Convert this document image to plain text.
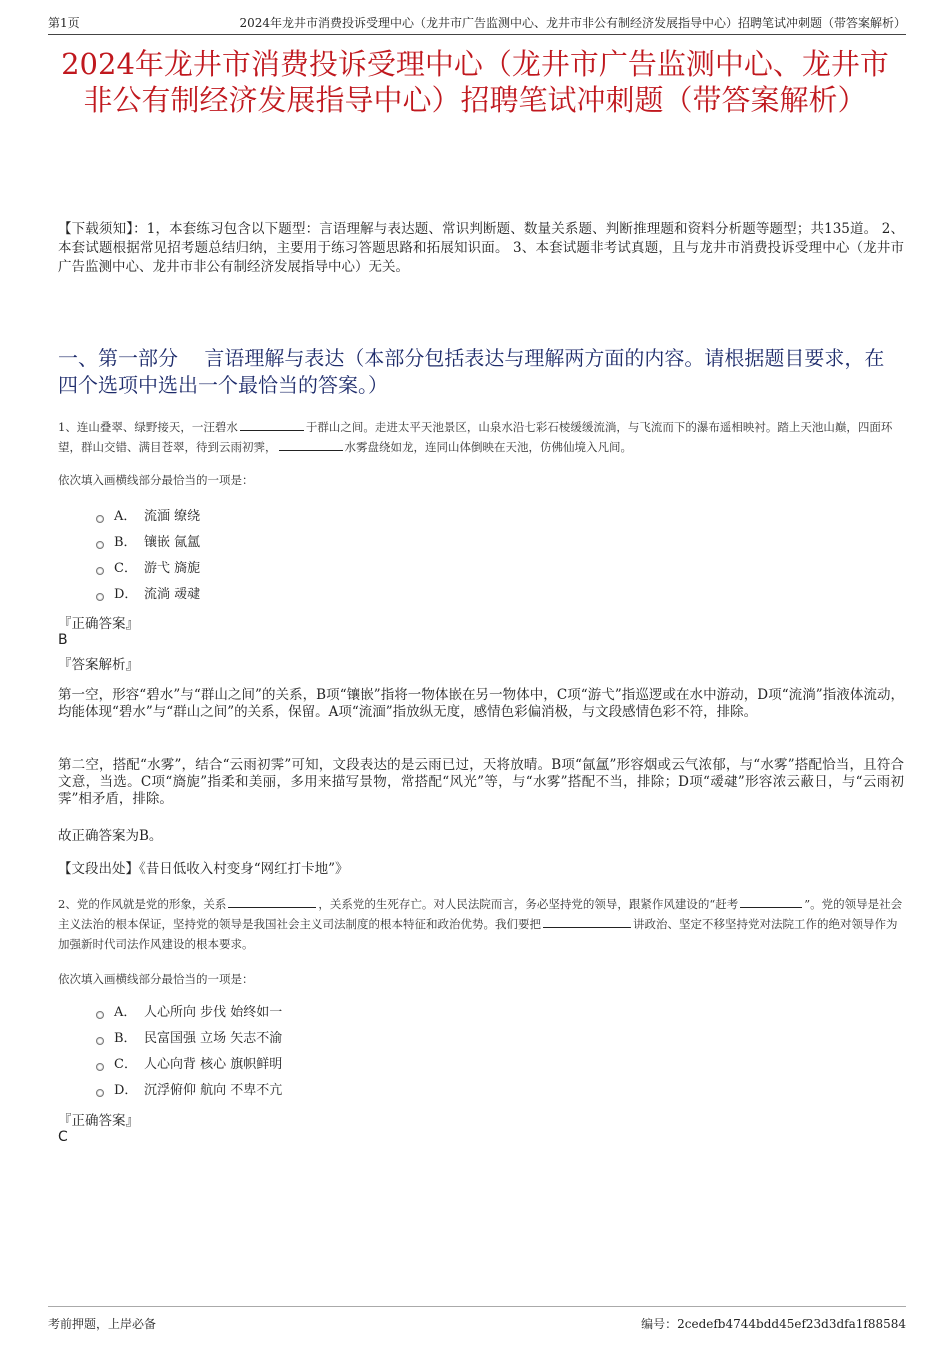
第1页	2024年龙井市消费投诉受理中心（龙井市广告监测中心、龙井市非公有制经济发展指导中心）招聘笔试冲刺题（带答案解析）
2024年龙井市消费投诉受理中心（龙井市广告监测中心、龙井市非公有制经济发展指导中心）招聘笔试冲刺题（带答案解析）
【下载须知】：1，本套练习包含以下题型：言语理解与表达题、常识判断题、数量关系题、判断推理题和资料分析题等题型；共135道。 2、本套试题根据常见招考题总结归纳，主要用于练习答题思路和拓展知识面。 3、本套试题非考试真题，且与龙井市消费投诉受理中心（龙井市广告监测中心、龙井市非公有制经济发展指导中心）无关。
一、第一部分　 言语理解与表达（本部分包括表达与理解两方面的内容。请根据题目要求，在四个选项中选出一个最恰当的答案。）
1、连山叠翠、绿野接天，一汪碧水	于群山之间。走进太平天池景区，山泉水沿七彩石棱缓缓流淌，与飞流而下的瀑布遥相映衬。踏上天池山巅，四面环望，群山交错、满目苍翠，待到云雨初霁，	水雾盘绕如龙，连同山体倒映在天池，仿佛仙境入凡间。
依次填入画横线部分最恰当的一项是：
A． 流湎 缭绕
B． 镶嵌 氤氲
C． 游弋 旖旎
D． 流淌 叆叇
『正确答案』
B
『答案解析』
第一空，形容“碧水”与“群山之间”的关系，B项“镶嵌”指将一物体嵌在另一物体中，C项“游弋”指巡逻或在水中游动，D项“流淌”指液体流动，均能体现“碧水”与“群山之间”的关系，保留。A项“流湎”指放纵无度，感情色彩偏消极，与文段感情色彩不符，排除。
第二空，搭配“水雾”，结合“云雨初霁”可知，文段表达的是云雨已过，天将放晴。B项“氤氲”形容烟或云气浓郁，与“水雾”搭配恰当，且符合文意，当选。C项“旖旎”指柔和美丽，多用来描写景物，常搭配“风光”等，与“水雾”搭配不当，排除；D项“叆叇”形容浓云蔽日，与“云雨初霁”相矛盾，排除。
故正确答案为B。
【文段出处】《昔日低收入村变身“网红打卡地”》
2、党的作风就是党的形象，关系	，关系党的生死存亡。对人民法院而言，务必坚持党的领导，跟紧作风建设的“赶考	”。党的领导是社会主义法治的根本保证，坚持党的领导是我国社会主义司法制度的根本特征和政治优势。我们要把	讲政治、坚定不移坚持党对法院工作的绝对领导作为加强新时代司法作风建设的根本要求。
依次填入画横线部分最恰当的一项是：
A． 人心所向 步伐 始终如一
B． 民富国强 立场 矢志不渝
C． 人心向背 核心 旗帜鲜明
D． 沉浮俯仰 航向 不卑不亢
『正确答案』
C
考前押题，上岸必备	编号：2cedefb4744bdd45ef23d3dfa1f88584
